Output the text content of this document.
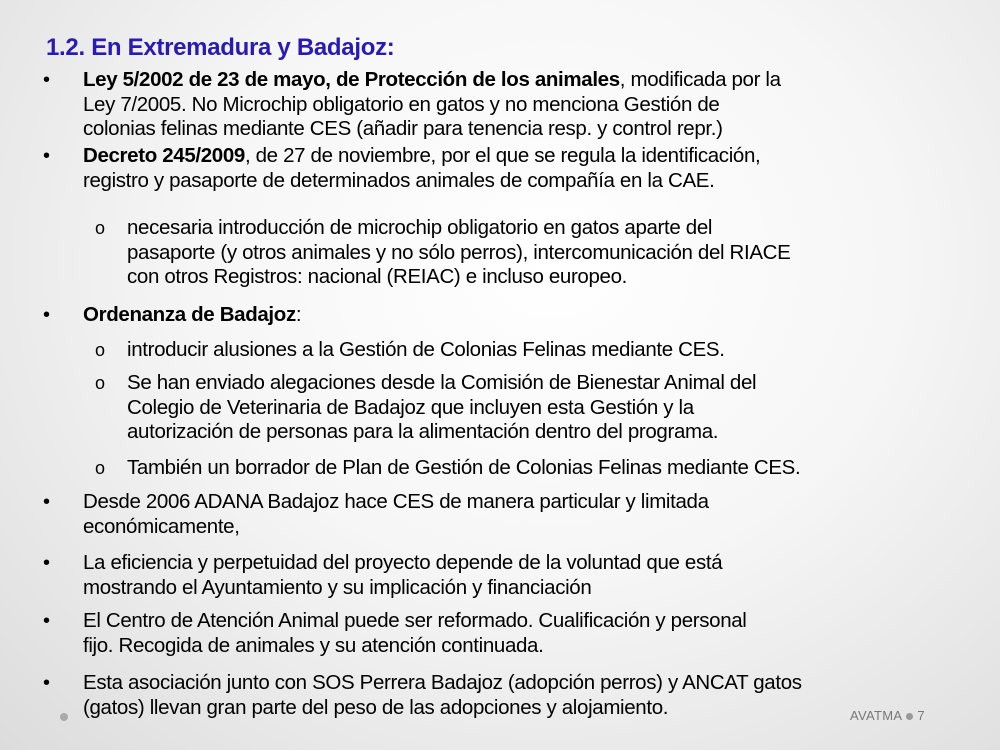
1.2. En Extremadura y Badajoz:
• Ley 5/2002 de 23 de mayo, de Protección de los animales, modificada por la
Ley 7/2005. No Microchip obligatorio en gatos y no menciona Gestión de
colonias felinas mediante CES (añadir para tenencia resp. y control repr.)
• Decreto 245/2009, de 27 de noviembre, por el que se regula la identificación,
registro y pasaporte de determinados animales de compañía en la CAE.
o necesaria introducción de microchip obligatorio en gatos aparte del
pasaporte (y otros animales y no sólo perros), intercomunicación del RIACE
con otros Registros: nacional (REIAC) e incluso europeo.
• Ordenanza de Badajoz:
o introducir alusiones a la Gestión de Colonias Felinas mediante CES.
o Se han enviado alegaciones desde la Comisión de Bienestar Animal del
Colegio de Veterinaria de Badajoz que incluyen esta Gestión y la
autorización de personas para la alimentación dentro del programa.
o También un borrador de Plan de Gestión de Colonias Felinas mediante CES.
• Desde 2006 ADANA Badajoz hace CES de manera particular y limitada
económicamente,
• La eficiencia y perpetuidad del proyecto depende de la voluntad que está
mostrando el Ayuntamiento y su implicación y financiación
• El Centro de Atención Animal puede ser reformado. Cualificación y personal
fijo. Recogida de animales y su atención continuada.
• Esta asociación junto con SOS Perrera Badajoz (adopción perros) y ANCAT gatos
(gatos) llevan gran parte del peso de las adopciones y alojamiento.	AVATMA 7
